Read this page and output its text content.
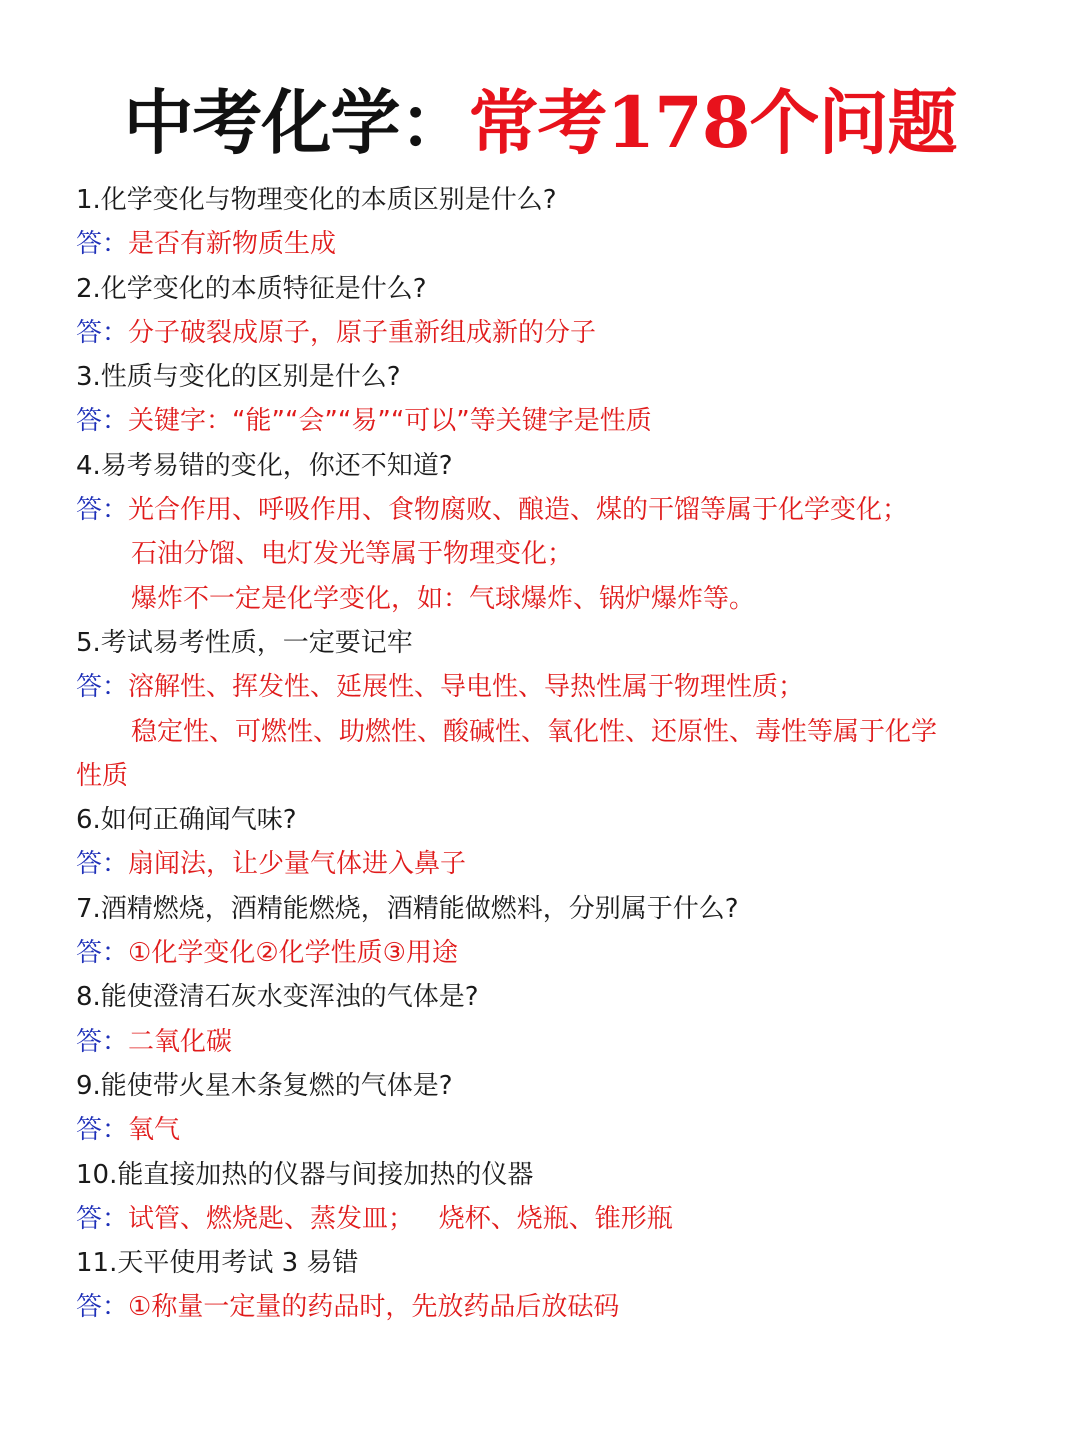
中考化学：常考178个问题
1.化学变化与物理变化的本质区别是什么?
答：是否有新物质生成
2.化学变化的本质特征是什么?
答：分子破裂成原子，原子重新组成新的分子
3.性质与变化的区别是什么?
答：关键字：“能”“会”“易”“可以”等关键字是性质
4.易考易错的变化，你还不知道?
答：光合作用、呼吸作用、食物腐败、酿造、煤的干馏等属于化学变化；
石油分馏、电灯发光等属于物理变化；
爆炸不一定是化学变化，如：气球爆炸、锅炉爆炸等。
5.考试易考性质，一定要记牢
答：溶解性、挥发性、延展性、导电性、导热性属于物理性质；
稳定性、可燃性、助燃性、酸碱性、氧化性、还原性、毒性等属于化学
性质
6.如何正确闻气味?
答：扇闻法，让少量气体进入鼻子
7.酒精燃烧，酒精能燃烧，酒精能做燃料，分别属于什么?
答：①化学变化②化学性质③用途
8.能使澄清石灰水变浑浊的气体是?
答：二氧化碳
9.能使带火星木条复燃的气体是?
答：氧气
10.能直接加热的仪器与间接加热的仪器
答：试管、燃烧匙、蒸发皿；   烧杯、烧瓶、锥形瓶
11.天平使用考试 3 易错
答：①称量一定量的药品时，先放药品后放砝码
